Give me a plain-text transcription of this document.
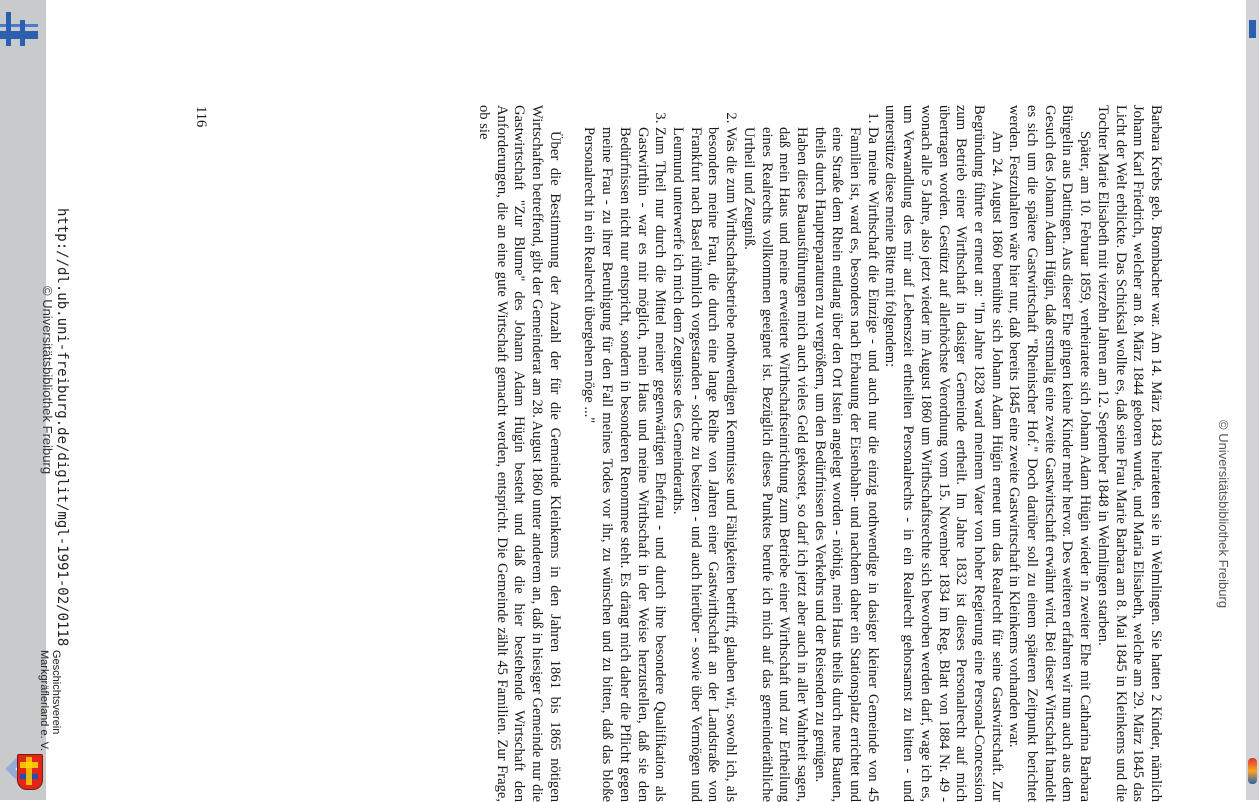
© Universitätsbibliothek Freiburg

Barbara Krebs geb. Brombacher war. Am 14. März 1843 heirateten sie in Welmlingen. Sie hatten 2 Kinder, nämlich Johann Karl Friedrich, welcher am 8. März 1844 geboren wurde, und Maria Elisabeth, welche am 29. März 1845 das Licht der Welt erblickte. Das Schicksal wollte es, daß seine Frau Marie Barbara am 8. Mai 1845 in Kleinkems und die Tochter Marie Elisabeth mit vierzehn Jahren am 12. September 1848 in Welmlingen starben.

Später, am 10. Februar 1859, verheiratete sich Johann Adam Hügin wieder in zweiter Ehe mit Catharina Barbara Bürgelin aus Dattingen. Aus dieser Ehe gingen keine Kinder mehr hervor. Des weiteren erfahren wir nun auch aus dem Gesuch des Johann Adam Hügin, daß erstmalig eine zweite Gastwirtschaft erwähnt wird. Bei dieser Wirtschaft handelt es sich um die spätere Gastwirtschaft "Rheinischer Hof." Doch darüber soll zu einem späteren Zeitpunkt berichtet werden. Festzuhalten wäre hier nur, daß bereits 1845 eine zweite Gastwirtschaft in Kleinkems vorhanden war.

Am 24. August 1860 bemühte sich Johann Adam Hügin erneut um das Realrecht für seine Gastwirtschaft. Zur Begründung führte er erneut an: "Im Jahre 1828 ward meinem Vater von hoher Regierung eine Personal-Concession zum Betrieb einer Wirthschaft in dasiger Gemeinde ertheilt. Im Jahre 1832 ist dieses Personalrecht auf mich übertragen worden. Gestützt auf allerhöchste Verordnung vom 15. November 1834 im Reg. Blatt von 1884 Nr. 49 - wonach alle 5 Jahre, also jetzt wieder im August 1860 um Wirthschaftsrechte sich beworben werden darf, wage ich es, um Verwandlung des mir auf Lebenszeit ertheilten Personalrechts - in ein Realrecht gehorsamst zu bitten - und unterstütze diese meine Bitte mit folgendem:

1. Da meine Wirthschaft die Einzige - und auch nur die einzig nothwendige in dasiger kleiner Gemeinde von 45 Familien ist, ward es, besonders nach Erbauung der Eisenbahn- und nachdem daher ein Stationsplatz errichtet und eine Straße dem Rhein entlang über den Ort Istein angelegt worden - nöthig, mein Haus theils durch neue Bauten, theils durch Hauptreparaturen zu vergrößern, um den Bedürfnissen des Verkehrs und der Reisenden zu genügen.

Haben diese Bauausführungen mich auch vieles Geld gekostet, so darf ich jetzt aber auch in aller Wahrheit sagen, daß mein Haus und meine erweiterte Wirthschaftseinrichtung zum Betriebe einer Wirthschaft und zur Ertheilung eines Realrechts vollkommen geeignet ist. Bezüglich dieses Punktes berufe ich mich auf das gemeinderäthliche Urtheil und Zeugniß.

2. Was die zum Wirthschaftsbetriebe nothwendigen Kenntnisse und Fähigkeiten betrifft, glauben wir, sowohl ich, als besonders meine Frau, die durch eine lange Reihe von Jahren einer Gastwirthschaft an der Landstraße von Frankfurt nach Basel rühmlich vorgestanden - solche zu besitzen - und auch hierüber - sowie über Vermögen und Leumund unterwerfe ich mich dem Zeugnisse des Gemeinderaths.

3. Zum Theil nur durch die Mittel meiner gegenwärtigen Ehefrau - und durch ihre besondere Qualifikation als Gastwirthin - war es mir möglich, mein Haus und meine Wirthschaft in der Weise herzustellen, daß sie den Bedürfnissen nicht nur entspricht, sondern in besonderen Renommee steht. Es drängt mich daher die Pflicht gegen meine Frau - zu ihrer Beruhigung für den Fall meines Todes vor ihr, zu wünschen und zu bitten, daß das bloße Personalrecht in ein Realrecht übergehen möge ..."

Über die Bestimmung der Anzahl der für die Gemeinde Kleinkems in den Jahren 1861 bis 1865 nötigen Wirtschaften betreffend, gibt der Gemeinderat am 28. August 1860 unter anderem an, daß in hiesiger Gemeinde nur die Gastwirtschaft "Zur Blume" des Johann Adam Hügin besteht und daß die hier bestehende Wirtschaft den Anforderungen, die an eine gute Wirtschaft gemacht werden, entspricht. Die Gemeinde zählt 45 Familien. Zur Frage, ob sie

116
http://dl.ub.uni-freiburg.de/diglit/mgl-1991-02/0118
© Universitätsbibliothek Freiburg
Geschichtsverein Markgräflerland e. V.
